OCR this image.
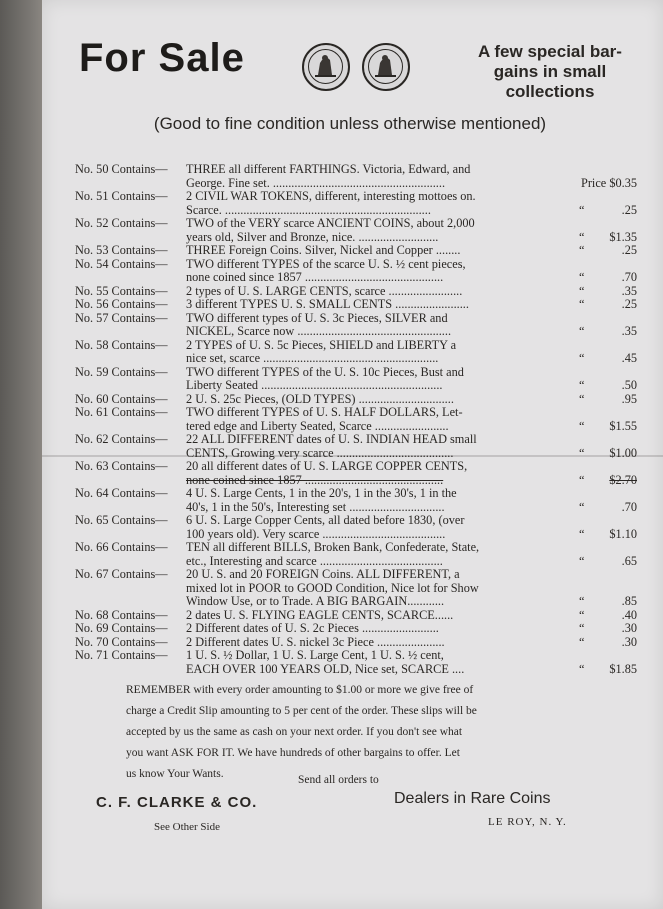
For Sale	A few special bar-
gains in small
collections
(Good to fine condition unless otherwise mentioned)
No. 50 Contains—	THREE all different FARTHINGS. Victoria, Edward, and
George. Fine set. ........................................................	Price $0.35
No. 51 Contains—	2 CIVIL WAR TOKENS, different, interesting mottoes on.
Scarce. ...................................................................	“	.25
No. 52 Contains—	TWO of the VERY scarce ANCIENT COINS, about 2,000
years old, Silver and Bronze, nice. ..........................	“ $1.35
No. 53 Contains—	THREE Foreign Coins. Silver, Nickel and Copper ........	“	.25
No. 54 Contains—	TWO different TYPES of the scarce U. S. ½ cent pieces,
none coined since 1857 .............................................	“	.70
No. 55 Contains—	2 types of U. S. LARGE CENTS, scarce ........................	“	.35
No. 56 Contains—	3 different TYPES U. S. SMALL CENTS ........................	“	.25
No. 57 Contains—	TWO different types of U. S. 3c Pieces, SILVER and
NICKEL, Scarce now ..................................................	“	.35
No. 58 Contains—	2 TYPES of U. S. 5c Pieces, SHIELD and LIBERTY a
nice set, scarce .........................................................	“	.45
No. 59 Contains—	TWO different TYPES of the U. S. 10c Pieces, Bust and
Liberty Seated ...........................................................	“	.50
No. 60 Contains—	2 U. S. 25c Pieces, (OLD TYPES) ...............................	“	.95
No. 61 Contains—	TWO different TYPES of U. S. HALF DOLLARS, Let-
tered edge and Liberty Seated, Scarce ........................	“ $1.55
No. 62 Contains—	22 ALL DIFFERENT dates of U. S. INDIAN HEAD small
CENTS, Growing very scarce ......................................	“ $1.00
No. 63 Contains—	20 all different dates of U. S. LARGE COPPER CENTS,
none coined since 1857 .............................................	“ $2.70
No. 64 Contains—	4 U. S. Large Cents, 1 in the 20's, 1 in the 30's, 1 in the
40's, 1 in the 50's, Interesting set ...............................	“	.70
No. 65 Contains—	6 U. S. Large Copper Cents, all dated before 1830, (over
100 years old). Very scarce ........................................	“ $1.10
No. 66 Contains—	TEN all different BILLS, Broken Bank, Confederate, State,
etc., Interesting and scarce ........................................	“	.65
No. 67 Contains—	20 U. S. and 20 FOREIGN Coins. ALL DIFFERENT, a
mixed lot in POOR to GOOD Condition, Nice lot for Show
Window Use, or to Trade. A BIG BARGAIN............	“	.85
No. 68 Contains—	2 dates U. S. FLYING EAGLE CENTS, SCARCE......	“	.40
No. 69 Contains—	2 Different dates of U. S. 2c Pieces .........................	“	.30
No. 70 Contains—	2 Different dates U. S. nickel 3c Piece ......................	“	.30
No. 71 Contains—	1 U. S. ½ Dollar, 1 U. S. Large Cent, 1 U. S. ½ cent,
EACH OVER 100 YEARS OLD, Nice set, SCARCE ....	“ $1.85
REMEMBER with every order amounting to $1.00 or more we give free of
charge a Credit Slip amounting to 5 per cent of the order. These slips will be
accepted by us the same as cash on your next order. If you don't see what
you want ASK FOR IT. We have hundreds of other bargains to offer. Let
us know Your Wants.	Send all orders to
C. F. CLARKE & CO.	Dealers in Rare Coins
See Other Side	LE ROY, N. Y.
